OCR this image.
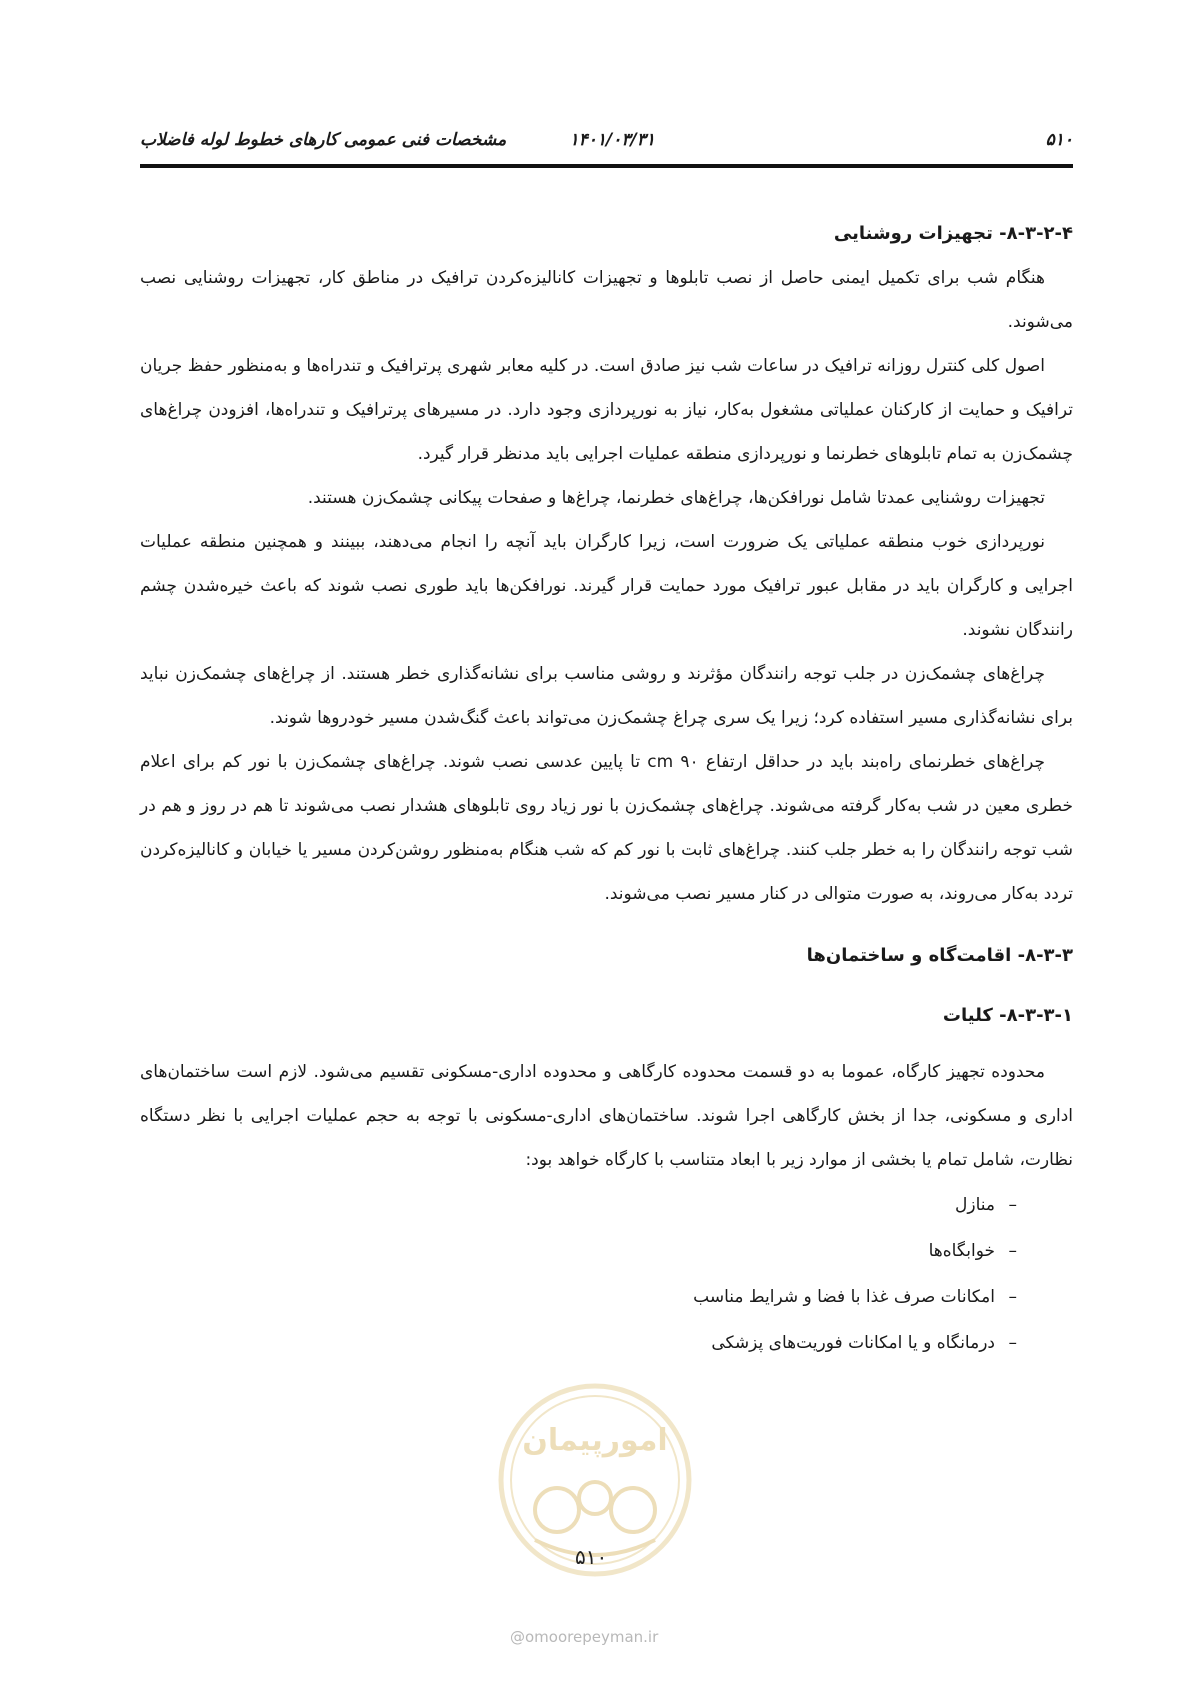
۵۱۰
۱۴۰۱/۰۳/۳۱
مشخصات فنی عمومی کارهای خطوط لوله فاضلاب

۸-۳-۲-۴- تجهیزات روشنایی

هنگام شب برای تکمیل ایمنی حاصل از نصب تابلوها و تجهیزات کانالیزه‌کردن ترافیک در مناطق کار، تجهیزات روشنایی نصب می‌شوند.

اصول کلی کنترل روزانه ترافیک در ساعات شب نیز صادق است. در کلیه معابر شهری پرترافیک و تندراه‌ها و به‌منظور حفظ جریان ترافیک و حمایت از کارکنان عملیاتی مشغول به‌کار، نیاز به نورپردازی وجود دارد. در مسیرهای پرترافیک و تندراه‌ها، افزودن چراغ‌های چشمک‌زن به تمام تابلوهای خطرنما و نورپردازی منطقه عملیات اجرایی باید مدنظر قرار گیرد.

تجهیزات روشنایی عمدتا شامل نورافکن‌ها، چراغ‌های خطرنما، چراغ‌ها و صفحات پیکانی چشمک‌زن هستند.

نورپردازی خوب منطقه عملیاتی یک ضرورت است، زیرا کارگران باید آنچه را انجام می‌دهند، ببینند و همچنین منطقه عملیات اجرایی و کارگران باید در مقابل عبور ترافیک مورد حمایت قرار گیرند. نورافکن‌ها باید طوری نصب شوند که باعث خیره‌شدن چشم رانندگان نشوند.

چراغ‌های چشمک‌زن در جلب توجه رانندگان مؤثرند و روشی مناسب برای نشانه‌گذاری خطر هستند. از چراغ‌های چشمک‌زن نباید برای نشانه‌گذاری مسیر استفاده کرد؛ زیرا یک سری چراغ چشمک‌زن می‌تواند باعث گنگ‌شدن مسیر خودروها شوند.

چراغ‌های خطرنمای راه‌بند باید در حداقل ارتفاع ۹۰ cm تا پایین عدسی نصب شوند. چراغ‌های چشمک‌زن با نور کم برای اعلام خطری معین در شب به‌کار گرفته می‌شوند. چراغ‌های چشمک‌زن با نور زیاد روی تابلوهای هشدار نصب می‌شوند تا هم در روز و هم در شب توجه رانندگان را به خطر جلب کنند. چراغ‌های ثابت با نور کم که شب هنگام به‌منظور روشن‌کردن مسیر یا خیابان و کانالیزه‌کردن تردد به‌کار می‌روند، به صورت متوالی در کنار مسیر نصب می‌شوند.

۸-۳-۳- اقامت‌گاه و ساختمان‌ها

۸-۳-۳-۱- کلیات

محدوده تجهیز کارگاه، عموما به دو قسمت محدوده کارگاهی و محدوده اداری-مسکونی تقسیم می‌شود. لازم است ساختمان‌های اداری و مسکونی، جدا از بخش کارگاهی اجرا شوند. ساختمان‌های اداری-مسکونی با توجه به حجم عملیات اجرایی با نظر دستگاه نظارت، شامل تمام یا بخشی از موارد زیر با ابعاد متناسب با کارگاه خواهد بود:

–
منازل
–
خوابگاه‌ها
–
امکانات صرف غذا با فضا و شرایط مناسب
–
درمانگاه و یا امکانات فوریت‌های پزشکی
امورپیمان
۵۱۰
@omoorepeyman.ir
